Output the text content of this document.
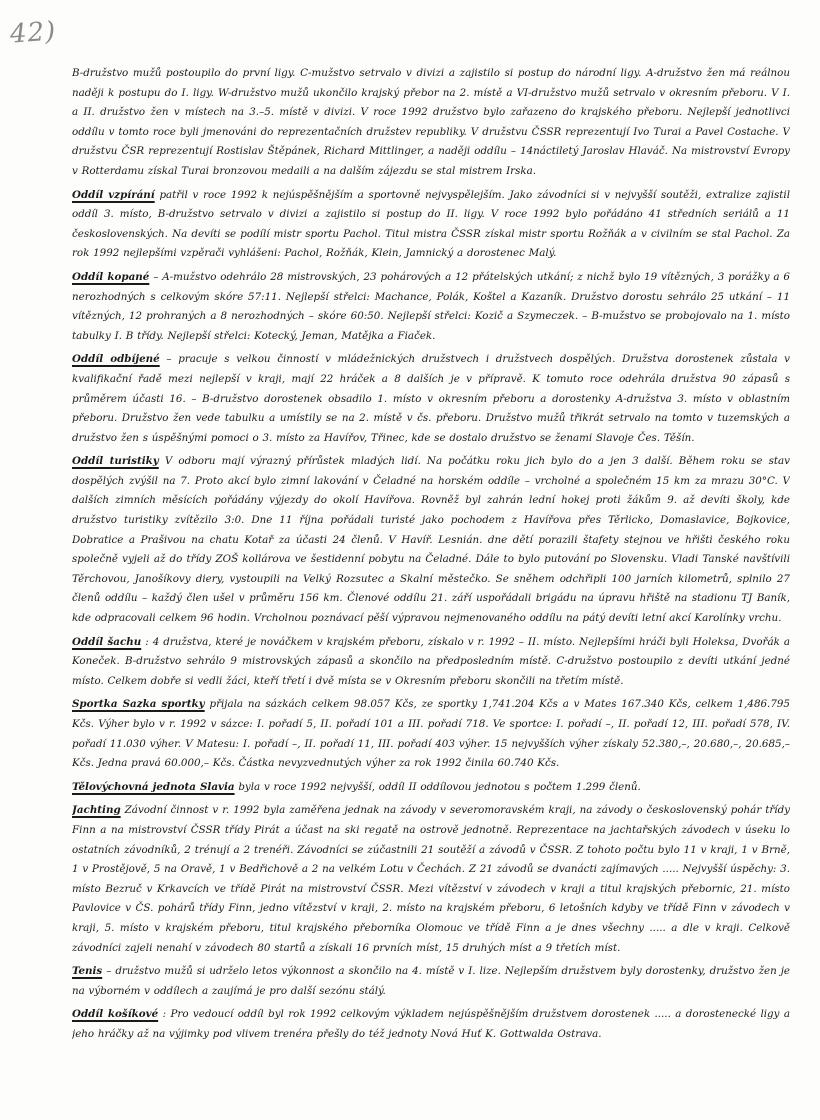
42)

B-družstvo mužů postoupilo do první ligy. C-mužstvo setrvalo v divizi a zajistilo si postup do národní ligy. A-družstvo žen má reálnou naději k postupu do I. ligy. W-družstvo mužů ukončilo krajský přebor na 2. místě a VI-družstvo mužů setrvalo v okresním přeboru. V I. a II. družstvo žen v místech na 3.–5. místě v divizi. V roce 1992 družstvo bylo zařazeno do krajského přeboru. Nejlepší jednotlivci oddílu v tomto roce byli jmenováni do reprezentačních družstev republiky. V družstvu ČSSR reprezentují Ivo Turai a Pavel Costache. V družstvu ČSR reprezentují Rostislav Štěpánek, Richard Mittlinger, a naději oddílu – 14náctiletý Jaroslav Hlaváč. Na mistrovství Evropy v Rotterdamu získal Turai bronzovou medaili a na dalším zájezdu se stal mistrem Irska.

Oddíl vzpírání patřil v roce 1992 k nejúspěšnějším a sportovně nejvyspělejším. Jako závodníci si v nejvyšší soutěži, extralize zajistil oddíl 3. místo, B-družstvo setrvalo v divizi a zajistilo si postup do II. ligy. V roce 1992 bylo pořádáno 41 středních seriálů a 11 československých. Na devíti se podílí mistr sportu Pachol. Titul mistra ČSSR získal mistr sportu Rožňák a v civilním se stal Pachol. Za rok 1992 nejlepšími vzpěrači vyhlášeni: Pachol, Rožňák, Klein, Jamnický a dorostenec Malý.

Oddíl kopané – A-mužstvo odehrálo 28 mistrovských, 23 pohárových a 12 přátelských utkání; z nichž bylo 19 vítězných, 3 porážky a 6 nerozhodných s celkovým skóre 57:11. Nejlepší střelci: Machance, Polák, Koštel a Kazaník. Družstvo dorostu sehrálo 25 utkání – 11 vítězných, 12 prohraných a 8 nerozhodných – skóre 60:50. Nejlepší střelci: Kozič a Szymeczek. – B-mužstvo se probojovalo na 1. místo tabulky I. B třídy. Nejlepší střelci: Kotecký, Jeman, Matějka a Fiaček.

Oddíl odbíjené – pracuje s velkou činností v mládežnických družstvech i družstvech dospělých. Družstva dorostenek zůstala v kvalifikační řadě mezi nejlepší v kraji, mají 22 hráček a 8 dalších je v přípravě. K tomuto roce odehrála družstva 90 zápasů s průměrem účasti 16. – B-družstvo dorostenek obsadilo 1. místo v okresním přeboru a dorostenky A-družstva 3. místo v oblastním přeboru. Družstvo žen vede tabulku a umístily se na 2. místě v čs. přeboru. Družstvo mužů třikrát setrvalo na tomto v tuzemských a družstvo žen s úspěšnými pomoci o 3. místo za Havířov, Třinec, kde se dostalo družstvo se ženami Slavoje Čes. Těšín.

Oddíl turistiky V odboru mají výrazný přírůstek mladých lidí. Na počátku roku jich bylo do a jen 3 další. Během roku se stav dospělých zvýšil na 7. Proto akcí bylo zimní lakování v Čeladné na horském oddíle – vrcholné a společném 15 km za mrazu 30°C. V dalších zimních měsících pořádány výjezdy do okolí Havířova. Rovněž byl zahrán lední hokej proti žákům 9. až devíti školy, kde družstvo turistiky zvítězilo 3:0. Dne 11 října pořádali turisté jako pochodem z Havířova přes Těrlicko, Domaslavice, Bojkovice, Dobratice a Prašivou na chatu Kotař za účasti 24 členů. V Havíř. Lesnián. dne dětí porazili štafety stejnou ve hřišti českého roku společně vyjeli až do třídy ZOŠ kollárova ve šestidenní pobytu na Čeladné. Dále to bylo putování po Slovensku. Vladi Tanské navštívili Těrchovou, Janošíkovy diery, vystoupili na Velký Rozsutec a Skalní městečko. Se sněhem odchřipli 100 jarních kilometrů, splnilo 27 členů oddílu – každý člen ušel v průměru 156 km. Členové oddílu 21. září uspořádali brigádu na úpravu hřiště na stadionu TJ Baník, kde odpracovali celkem 96 hodin. Vrcholnou poznávací pěší výpravou nejmenovaného oddílu na pátý devíti letní akcí Karolínky vrchu.

Oddíl šachu : 4 družstva, které je nováčkem v krajském přeboru, získalo v r. 1992 – II. místo. Nejlepšími hráči byli Holeksa, Dvořák a Koneček. B-družstvo sehrálo 9 mistrovských zápasů a skončilo na předposledním místě. C-družstvo postoupilo z devíti utkání jedné místo. Celkem dobře si vedli žáci, kteří třetí i dvě místa se v Okresním přeboru skončili na třetím místě.

Sportka Sazka sportky přijala na sázkách celkem 98.057 Kčs, ze sportky 1,741.204 Kčs a v Mates 167.340 Kčs, celkem 1,486.795 Kčs. Výher bylo v r. 1992 v sázce: I. pořadí 5, II. pořadí 101 a III. pořadí 718. Ve sportce: I. pořadí –, II. pořadí 12, III. pořadí 578, IV. pořadí 11.030 výher. V Matesu: I. pořadí –, II. pořadí 11, III. pořadí 403 výher. 15 nejvyšších výher získaly 52.380,–, 20.680,–, 20.685,– Kčs. Jedna pravá 60.000,– Kčs. Částka nevyzvednutých výher za rok 1992 činila 60.740 Kčs.

Tělovýchovná jednota Slavia byla v roce 1992 nejvyšší, oddíl II oddílovou jednotou s počtem 1.299 členů.

Jachting Závodní činnost v r. 1992 byla zaměřena jednak na závody v severomoravském kraji, na závody o československý pohár třídy Finn a na mistrovství ČSSR třídy Pirát a účast na ski regatě na ostrově jednotně. Reprezentace na jachtařských závodech v úseku lo ostatních závodníků, 2 trénují a 2 trenéři. Závodníci se zúčastnili 21 soutěží a závodů v ČSSR. Z tohoto počtu bylo 11 v kraji, 1 v Brně, 1 v Prostějově, 5 na Oravě, 1 v Bedřichově a 2 na velkém Lotu v Čechách. Z 21 závodů se dvanácti zajímavých ..... Nejvyšší úspěchy: 3. místo Bezruč v Krkavcích ve třídě Pirát na mistrovství ČSSR. Mezi vítězství v závodech v kraji a titul krajských přebornic, 21. místo Pavlovice v ČS. pohárů třídy Finn, jedno vítězství v kraji, 2. místo na krajském přeboru, 6 letošních kdyby ve třídě Finn v závodech v kraji, 5. místo v krajském přeboru, titul krajského přeborníka Olomouc ve třídě Finn a je dnes všechny ..... a dle v kraji. Celkově závodníci zajeli nenahí v závodech 80 startů a získali 16 prvních míst, 15 druhých míst a 9 třetích míst.

Tenis – družstvo mužů si udrželo letos výkonnost a skončilo na 4. místě v I. lize. Nejlepším družstvem byly dorostenky, družstvo žen je na výborném v oddílech a zaujímá je pro další sezónu stálý.

Oddíl košíkové : Pro vedoucí oddíl byl rok 1992 celkovým výkladem nejúspěšnějším družstvem dorostenek ..... a dorostenecké ligy a jeho hráčky až na výjimky pod vlivem trenéra přešly do též jednoty Nová Huť K. Gottwalda Ostrava.
